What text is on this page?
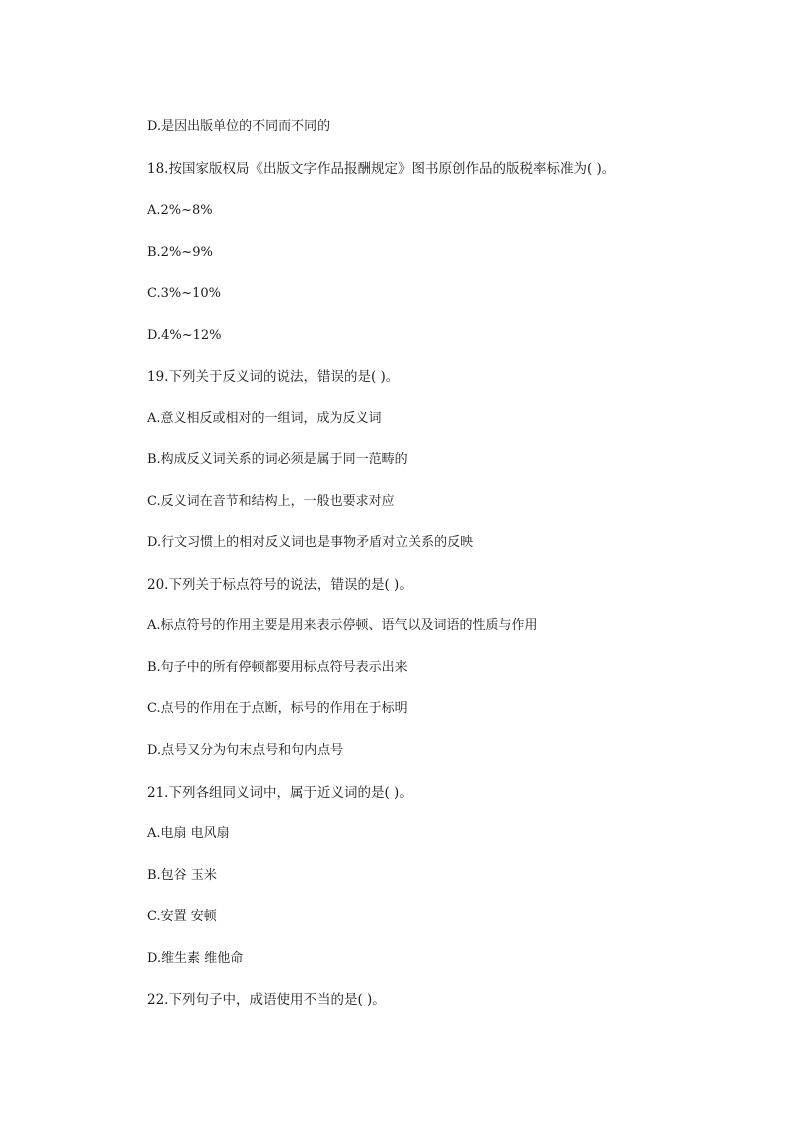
D.是因出版单位的不同而不同的
18.按国家版权局《出版文字作品报酬规定》图书原创作品的版税率标准为( )。
A.2%~8%
B.2%~9%
C.3%~10%
D.4%~12%
19.下列关于反义词的说法，错误的是( )。
A.意义相反或相对的一组词，成为反义词
B.构成反义词关系的词必须是属于同一范畴的
C.反义词在音节和结构上，一般也要求对应
D.行文习惯上的相对反义词也是事物矛盾对立关系的反映
20.下列关于标点符号的说法，错误的是( )。
A.标点符号的作用主要是用来表示停顿、语气以及词语的性质与作用
B.句子中的所有停顿都要用标点符号表示出来
C.点号的作用在于点断，标号的作用在于标明
D.点号又分为句末点号和句内点号
21.下列各组同义词中，属于近义词的是( )。
A.电扇 电风扇
B.包谷 玉米
C.安置 安顿
D.维生素 维他命
22.下列句子中，成语使用不当的是( )。
